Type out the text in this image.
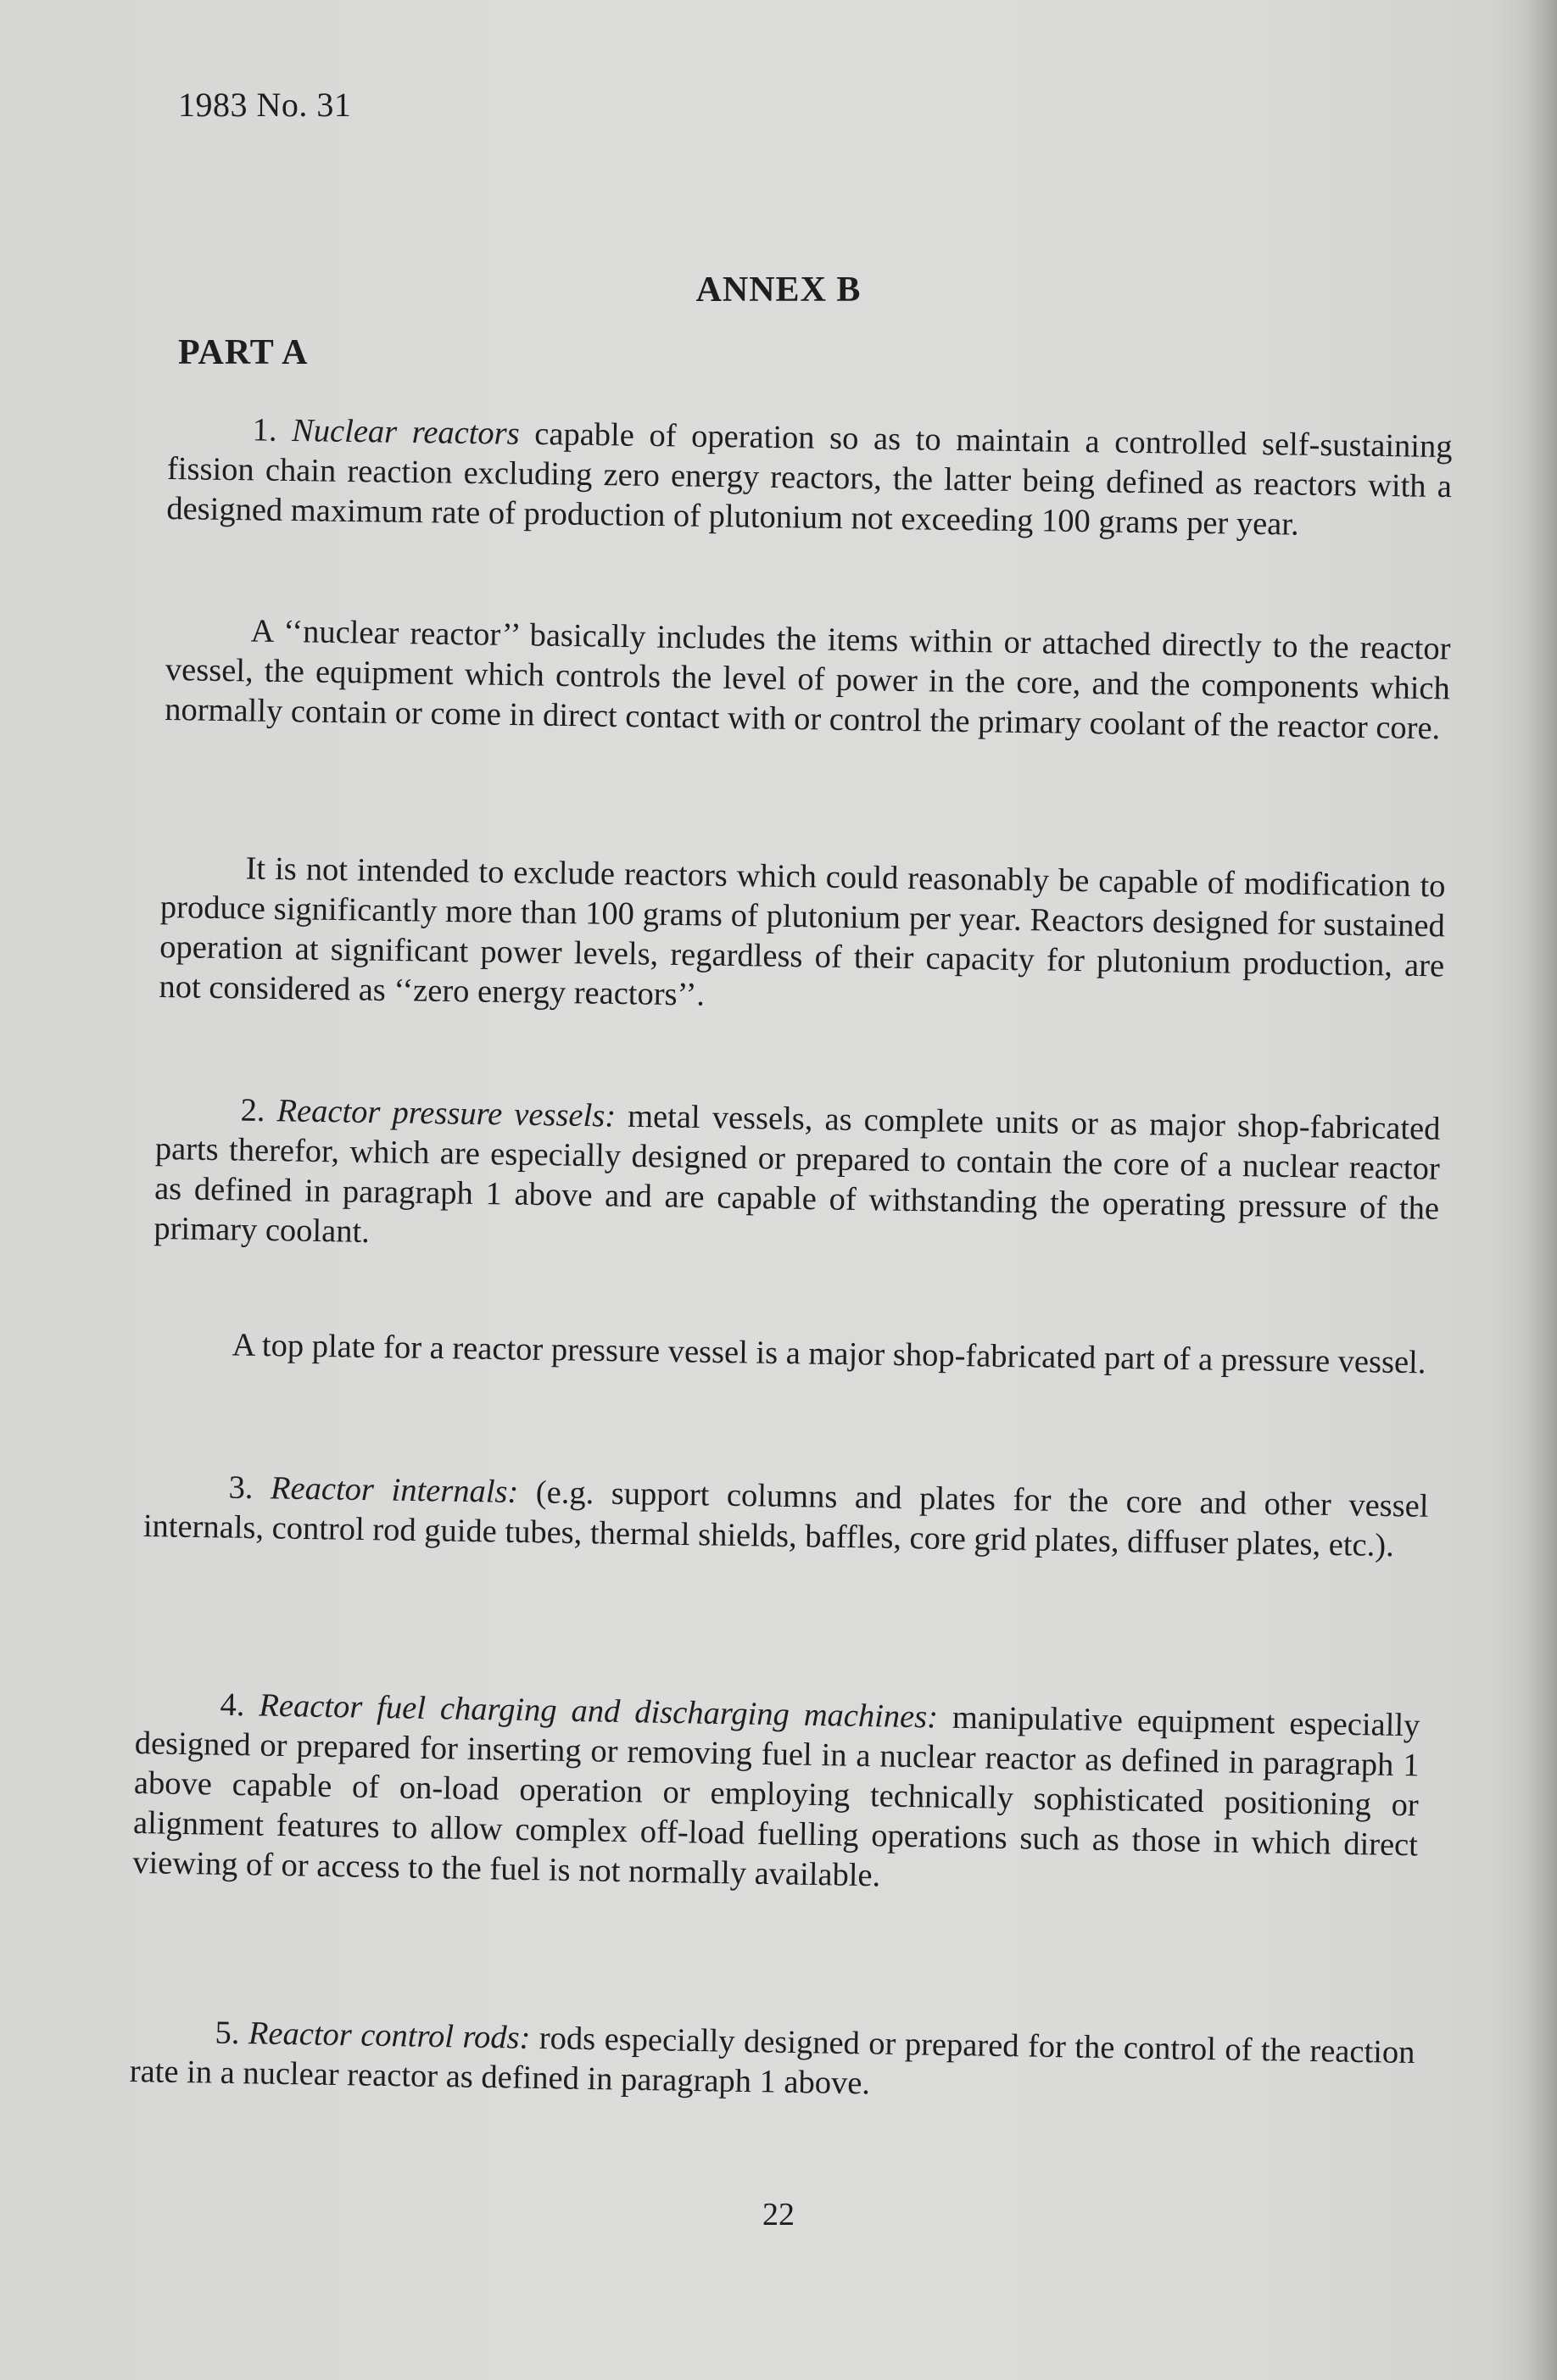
1983 No. 31
ANNEX B
PART A

1. Nuclear reactors capable of operation so as to maintain a controlled self-sustaining fission chain reaction excluding zero energy reactors, the latter being defined as reactors with a designed maximum rate of production of plutonium not exceeding 100 grams per year.

A ‘‘nuclear reactor’’ basically includes the items within or attached directly to the reactor vessel, the equipment which controls the level of power in the core, and the components which normally contain or come in direct contact with or control the primary coolant of the reactor core.

It is not intended to exclude reactors which could reasonably be capable of modification to produce significantly more than 100 grams of plutonium per year. Reactors designed for sustained operation at significant power levels, regardless of their capacity for plutonium production, are not considered as ‘‘zero energy reactors’’.

2. Reactor pressure vessels: metal vessels, as complete units or as major shop-fabricated parts therefor, which are especially designed or prepared to contain the core of a nuclear reactor as defined in paragraph 1 above and are capable of withstanding the operating pressure of the primary coolant.

A top plate for a reactor pressure vessel is a major shop-fabricated part of a pressure vessel.

3. Reactor internals: (e.g. support columns and plates for the core and other vessel internals, control rod guide tubes, thermal shields, baffles, core grid plates, diffuser plates, etc.).

4. Reactor fuel charging and discharging machines: manipulative equipment especially designed or prepared for inserting or removing fuel in a nuclear reactor as defined in paragraph 1 above capable of on-load operation or employing technically sophisticated positioning or alignment features to allow complex off-load fuelling operations such as those in which direct viewing of or access to the fuel is not normally available.

5. Reactor control rods: rods especially designed or prepared for the control of the reaction rate in a nuclear reactor as defined in paragraph 1 above.

22
